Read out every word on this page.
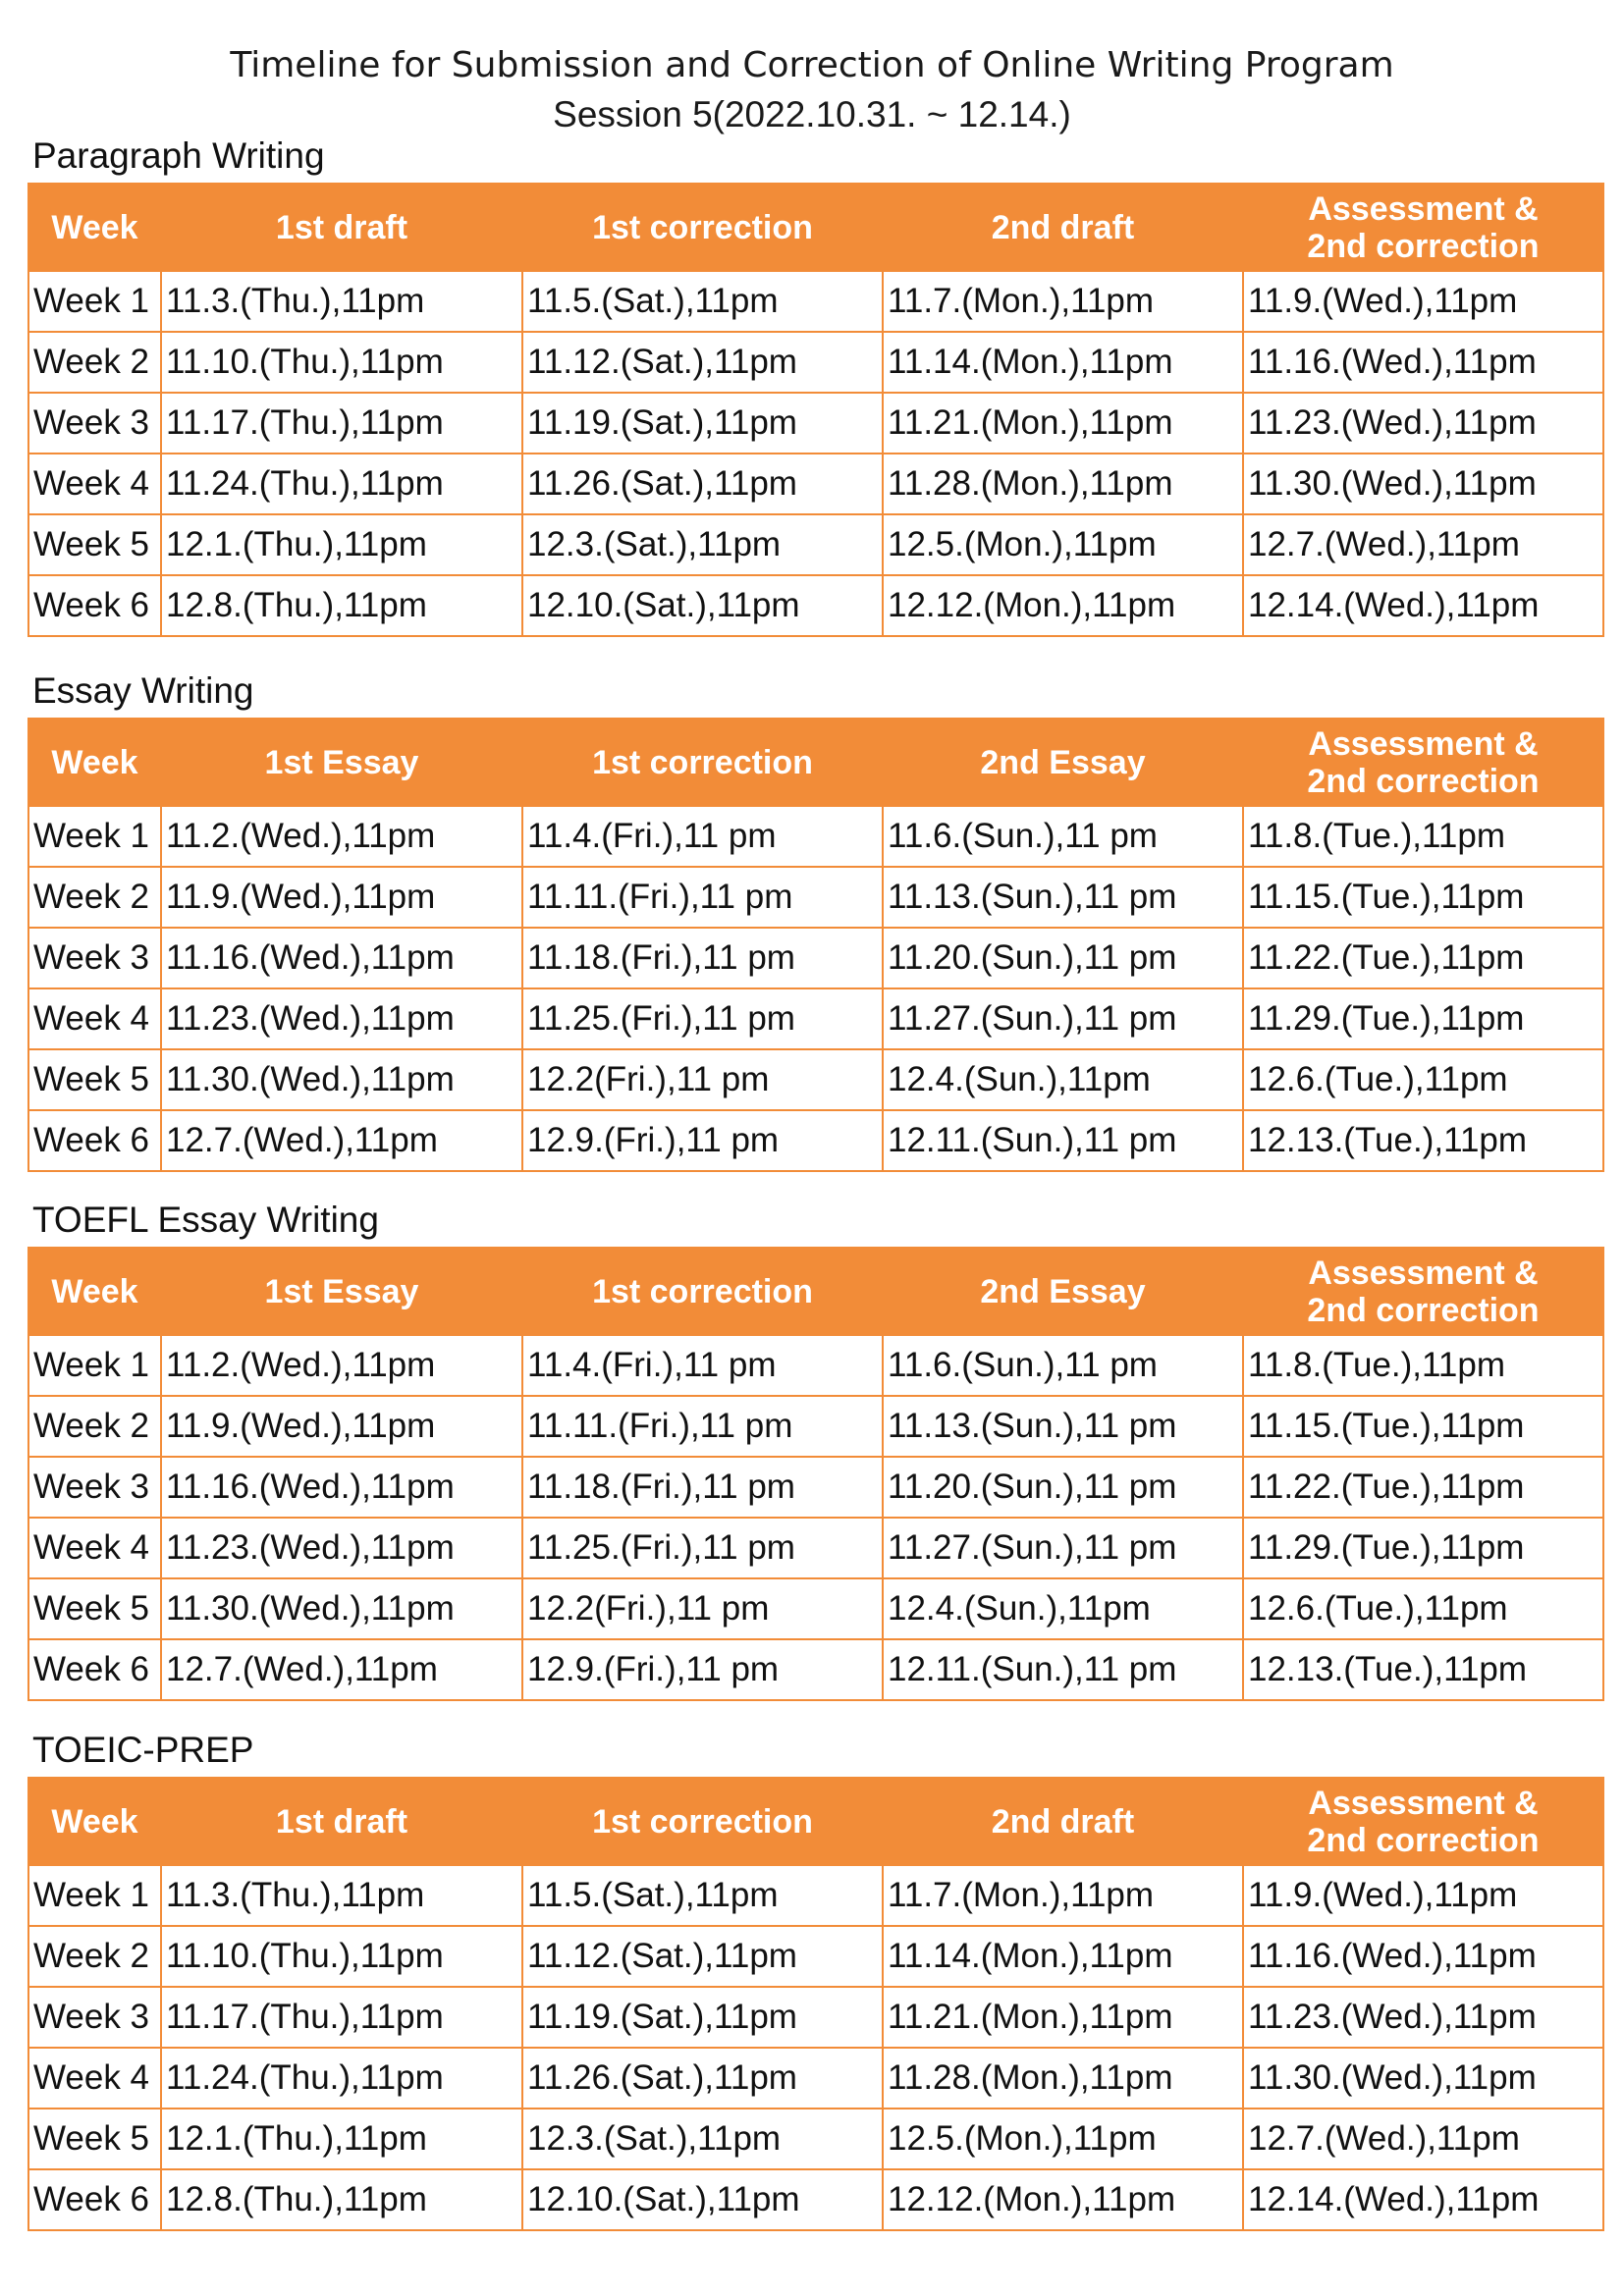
Timeline for Submission and Correction of Online Writing Program
Session 5(2022.10.31. ~ 12.14.)
Paragraph Writing
Week	1st draft	1st correction	2nd draft	Assessment &
2nd correction

Week 1	11.3.(Thu.),11pm	11.5.(Sat.),11pm	11.7.(Mon.),11pm	11.9.(Wed.),11pm
Week 2	11.10.(Thu.),11pm	11.12.(Sat.),11pm	11.14.(Mon.),11pm	11.16.(Wed.),11pm
Week 3	11.17.(Thu.),11pm	11.19.(Sat.),11pm	11.21.(Mon.),11pm	11.23.(Wed.),11pm
Week 4	11.24.(Thu.),11pm	11.26.(Sat.),11pm	11.28.(Mon.),11pm	11.30.(Wed.),11pm
Week 5	12.1.(Thu.),11pm	12.3.(Sat.),11pm	12.5.(Mon.),11pm	12.7.(Wed.),11pm
Week 6	12.8.(Thu.),11pm	12.10.(Sat.),11pm	12.12.(Mon.),11pm	12.14.(Wed.),11pm
Essay Writing
Week	1st Essay	1st correction	2nd Essay	Assessment &
2nd correction

Week 1	11.2.(Wed.),11pm	11.4.(Fri.),11 pm	11.6.(Sun.),11 pm	11.8.(Tue.),11pm
Week 2	11.9.(Wed.),11pm	11.11.(Fri.),11 pm	11.13.(Sun.),11 pm	11.15.(Tue.),11pm
Week 3	11.16.(Wed.),11pm	11.18.(Fri.),11 pm	11.20.(Sun.),11 pm	11.22.(Tue.),11pm
Week 4	11.23.(Wed.),11pm	11.25.(Fri.),11 pm	11.27.(Sun.),11 pm	11.29.(Tue.),11pm
Week 5	11.30.(Wed.),11pm	12.2(Fri.),11 pm	12.4.(Sun.),11pm	12.6.(Tue.),11pm
Week 6	12.7.(Wed.),11pm	12.9.(Fri.),11 pm	12.11.(Sun.),11 pm	12.13.(Tue.),11pm
TOEFL Essay Writing
Week	1st Essay	1st correction	2nd Essay	Assessment &
2nd correction

Week 1	11.2.(Wed.),11pm	11.4.(Fri.),11 pm	11.6.(Sun.),11 pm	11.8.(Tue.),11pm
Week 2	11.9.(Wed.),11pm	11.11.(Fri.),11 pm	11.13.(Sun.),11 pm	11.15.(Tue.),11pm
Week 3	11.16.(Wed.),11pm	11.18.(Fri.),11 pm	11.20.(Sun.),11 pm	11.22.(Tue.),11pm
Week 4	11.23.(Wed.),11pm	11.25.(Fri.),11 pm	11.27.(Sun.),11 pm	11.29.(Tue.),11pm
Week 5	11.30.(Wed.),11pm	12.2(Fri.),11 pm	12.4.(Sun.),11pm	12.6.(Tue.),11pm
Week 6	12.7.(Wed.),11pm	12.9.(Fri.),11 pm	12.11.(Sun.),11 pm	12.13.(Tue.),11pm
TOEIC-PREP
Week	1st draft	1st correction	2nd draft	Assessment &
2nd correction

Week 1	11.3.(Thu.),11pm	11.5.(Sat.),11pm	11.7.(Mon.),11pm	11.9.(Wed.),11pm
Week 2	11.10.(Thu.),11pm	11.12.(Sat.),11pm	11.14.(Mon.),11pm	11.16.(Wed.),11pm
Week 3	11.17.(Thu.),11pm	11.19.(Sat.),11pm	11.21.(Mon.),11pm	11.23.(Wed.),11pm
Week 4	11.24.(Thu.),11pm	11.26.(Sat.),11pm	11.28.(Mon.),11pm	11.30.(Wed.),11pm
Week 5	12.1.(Thu.),11pm	12.3.(Sat.),11pm	12.5.(Mon.),11pm	12.7.(Wed.),11pm
Week 6	12.8.(Thu.),11pm	12.10.(Sat.),11pm	12.12.(Mon.),11pm	12.14.(Wed.),11pm
